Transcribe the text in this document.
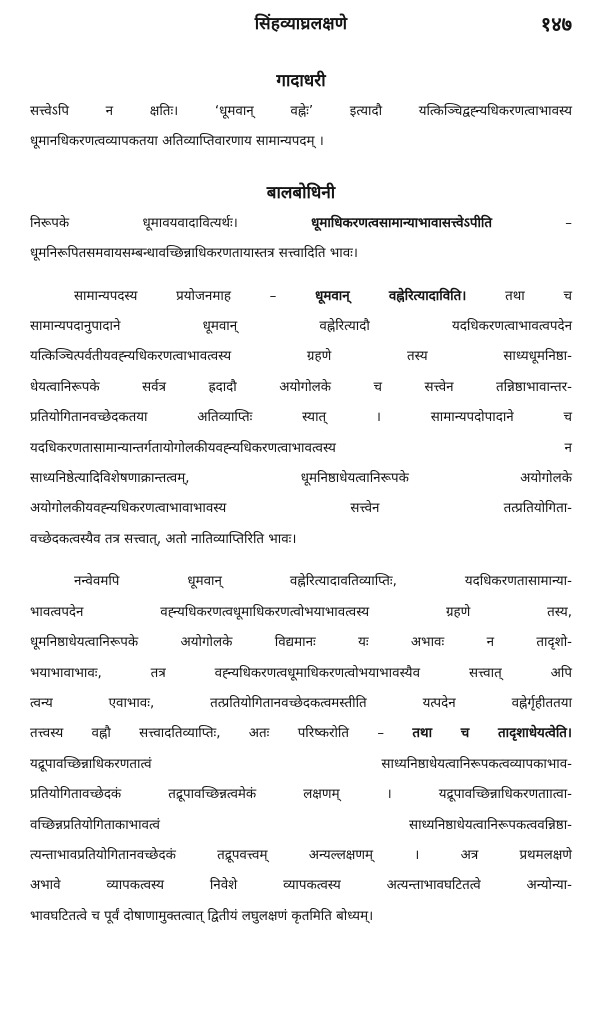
सिंहव्याघ्रलक्षणे	१४७
गादाधरी

सत्त्वेऽपि न क्षतिः। ‘धूमवान् वह्नेः’ इत्यादौ यत्किञ्चिद्वह्न्यधिकरणत्वाभावस्य
धूमानधिकरणत्वव्यापकतया अतिव्याप्तिवारणाय सामान्यपदम् ।

बालबोधिनी

निरूपके धूमावयवादावित्यर्थः। धूमाधिकरणत्वसामान्याभावासत्त्वेऽपीति –
धूमनिरूपितसमवायसम्बन्धावच्छिन्नाधिकरणतायास्तत्र सत्त्वादिति भावः।

सामान्यपदस्य प्रयोजनमाह – धूमवान् वह्नेरित्यादाविति। तथा च
सामान्यपदानुपादाने धूमवान् वह्नेरित्यादौ यदधिकरणत्वाभावत्वपदेन
यत्किञ्चित्पर्वतीयवह्न्यधिकरणत्वाभावत्वस्य ग्रहणे तस्य साध्यधूमनिष्ठा-
धेयत्वानिरूपके सर्वत्र ह्रदादौ अयोगोलके च सत्त्वेन तन्निष्ठाभावान्तर-
प्रतियोगितानवच्छेदकतया अतिव्याप्तिः स्यात् । सामान्यपदोपादाने च
यदधिकरणतासामान्यान्तर्गतायोगोलकीयवह्न्यधिकरणत्वाभावत्वस्य न
साध्यनिष्ठेत्यादिविशेषणाक्रान्तत्वम्, धूमनिष्ठाधेयत्वानिरूपके अयोगोलके
अयोगोलकीयवह्न्यधिकरणत्वाभावाभावस्य सत्त्वेन तत्प्रतियोगिता-
वच्छेदकत्वस्यैव तत्र सत्त्वात्, अतो नातिव्याप्तिरिति भावः।

नन्वेवमपि धूमवान् वह्नेरित्यादावतिव्याप्तिः, यदधिकरणतासामान्या-
भावत्वपदेन वह्न्यधिकरणत्वधूमाधिकरणत्वोभयाभावत्वस्य ग्रहणे तस्य,
धूमनिष्ठाधेयत्वानिरूपके अयोगोलके विद्यमानः यः अभावः न तादृशो-
भयाभावाभावः, तत्र वह्न्यधिकरणत्वधूमाधिकरणत्वोभयाभावस्यैव सत्त्वात् अपि
त्वन्य एवाभावः, तत्प्रतियोगितानवच्छेदकत्वमस्तीति यत्पदेन वह्नेर्गृहीततया
तत्त्वस्य वह्नौ सत्त्वादतिव्याप्तिः, अतः परिष्करोति – तथा च तादृशाधेयत्वेति।
यद्रूपावच्छिन्नाधिकरणतात्वं साध्यनिष्ठाधेयत्वानिरूपकत्वव्यापकाभाव-
प्रतियोगितावच्छेदकं तद्रूपावच्छिन्नत्वमेकं लक्षणम् । यद्रूपावच्छिन्नाधिकरणताात्वा-
वच्छिन्नप्रतियोगिताकाभावत्वं साध्यनिष्ठाधेयत्वानिरूपकत्ववन्निष्ठा-
त्यन्ताभावप्रतियोगितानवच्छेदकं तद्रूपवत्त्वम् अन्यल्लक्षणम् । अत्र प्रथमलक्षणे
अभावे व्यापकत्वस्य निवेशे व्यापकत्वस्य अत्यन्ताभावघटितत्वे अन्योन्या-
भावघटितत्वे च पूर्वं दोषाणामुक्तत्वात् द्वितीयं लघुलक्षणं कृतमिति बोध्यम्।
